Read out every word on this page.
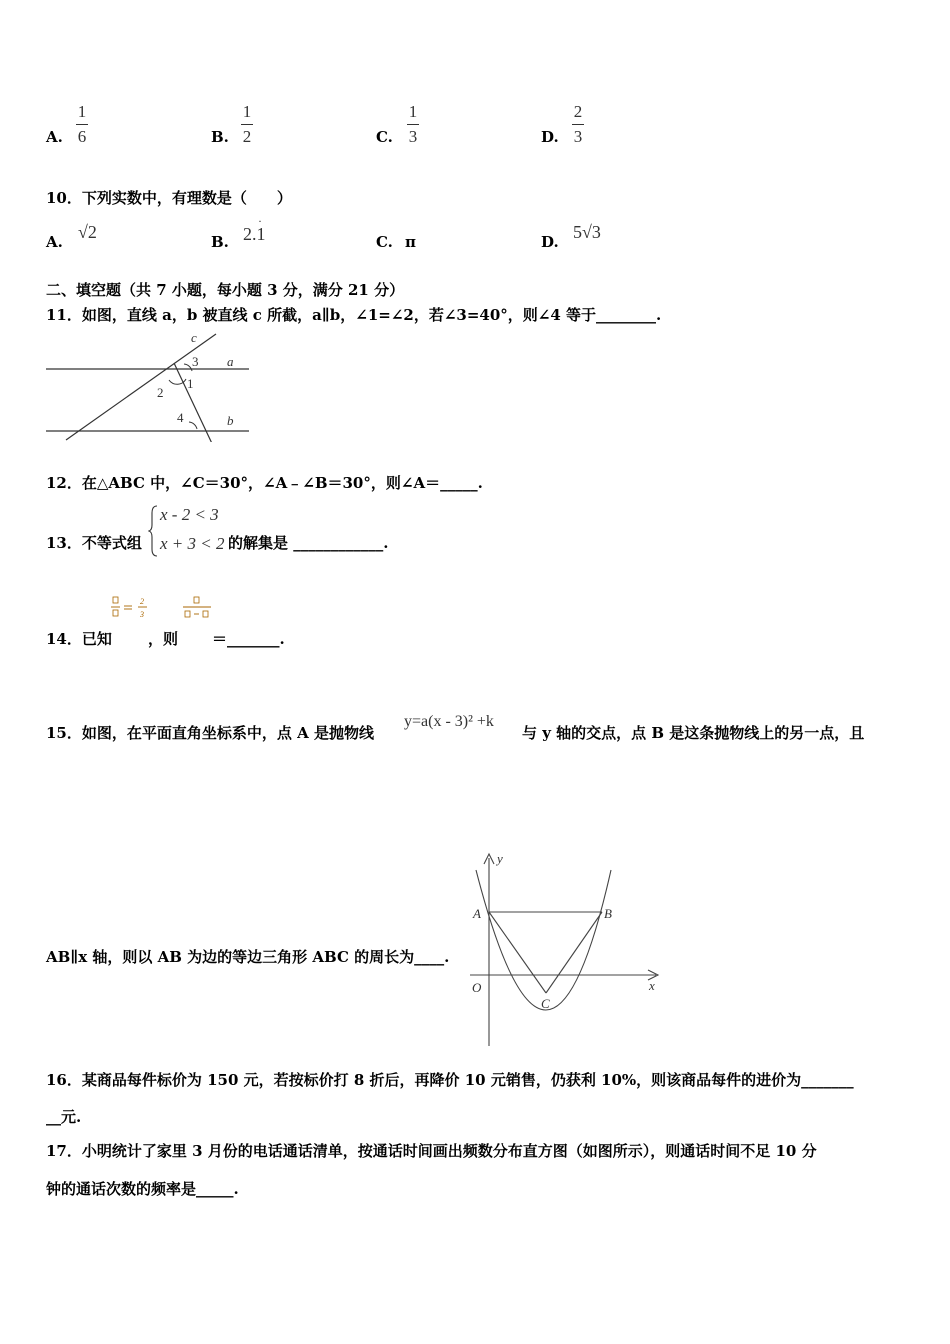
A.
1
6	B.
1
2	C.
1
3	D.
2
3
10．下列实数中，有理数是（　　）
A. √2	B. 2.1
·
C. π	D. 5√3
二、填空题（共 7 小题，每小题 3 分，满分 21 分）
11．如图，直线 a，b 被直线 c 所截，a∥b，∠1=∠2，若∠3=40°，则∠4 等于________.
c
3 a
1
2
4	b
12．在△ABC 中，∠C＝30°，∠A﹣∠B＝30°，则∠A＝_____.
13．不等式组
x - 2 < 3
x + 3 < 2 的解集是 ____________.
2
3
14．已知 ，则 ＝_______.
15．如图，在平面直角坐标系中，点 A 是抛物线
y=a(x - 3)² +k
与 y 轴的交点，点 B 是这条抛物线上的另一点，且
AB∥x 轴，则以 AB 为边的等边三角形 ABC 的周长为____.
y
x
A	B
O
C
16．某商品每件标价为 150 元，若按标价打 8 折后，再降价 10 元销售，仍获利 10%，则该商品每件的进价为_______
__元.
17．小明统计了家里 3 月份的电话通话清单，按通话时间画出频数分布直方图（如图所示），则通话时间不足 10 分
钟的通话次数的频率是_____.
